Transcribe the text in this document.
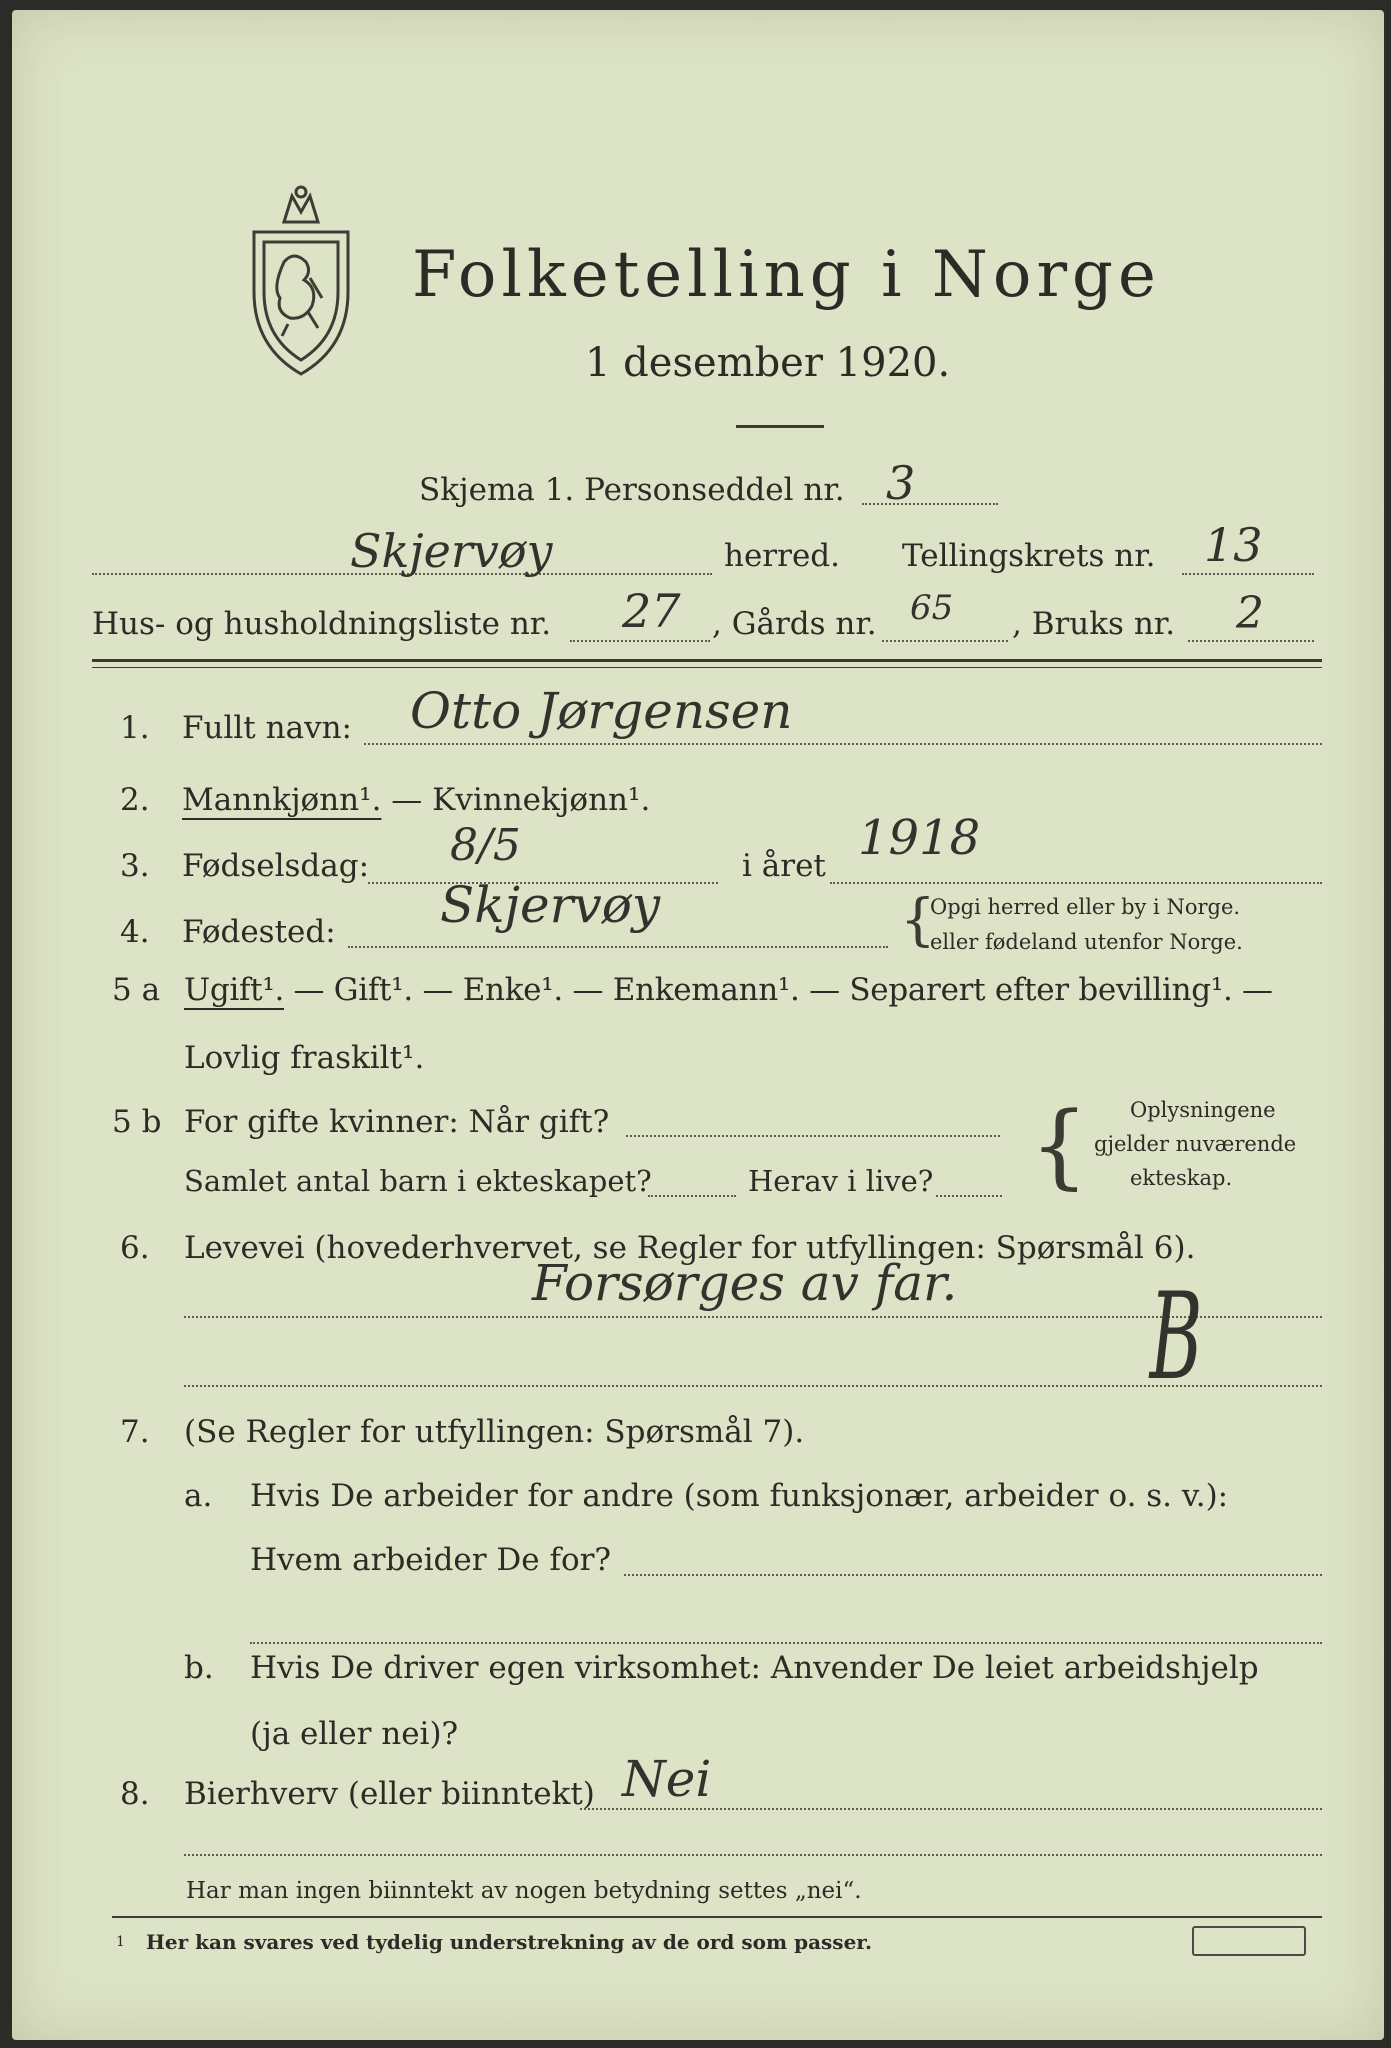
Folketelling i Norge
1 desember 1920.
Skjema 1. Personseddel nr. 3
Skjervøy	herred. Tellingskrets nr. 13
Hus- og husholdningsliste nr. 27 , Gårds nr. 65 , Bruks nr. 2
1. Fullt navn: Otto Jørgensen
2. Mannkjønn¹. — Kvinnekjønn¹.
3. Fødselsdag: 8/5	i året 1918
4. Fødested: Skjervøy	{
Opgi herred eller by i Norge.
eller fødeland utenfor Norge.
5 a Ugift¹. — Gift¹. — Enke¹. — Enkemann¹. — Separert efter bevilling¹. —
Lovlig fraskilt¹.
5 b For gifte kvinner: Når gift?
Samlet antal barn i ekteskapet?	Herav i live? { Oplysningene
gjelder nuværende
ekteskap.
6. Levevei (hovederhvervet, se Regler for utfyllingen: Spørsmål 6).
Forsørges av far. B
7. (Se Regler for utfyllingen: Spørsmål 7).
a. Hvis De arbeider for andre (som funksjonær, arbeider o. s. v.):
Hvem arbeider De for?
b. Hvis De driver egen virksomhet: Anvender De leiet arbeidshjelp
(ja eller nei)?
8. Bierhverv (eller biinntekt) Nei
Har man ingen biinntekt av nogen betydning settes „nei“.
1 Her kan svares ved tydelig understrekning av de ord som passer.
